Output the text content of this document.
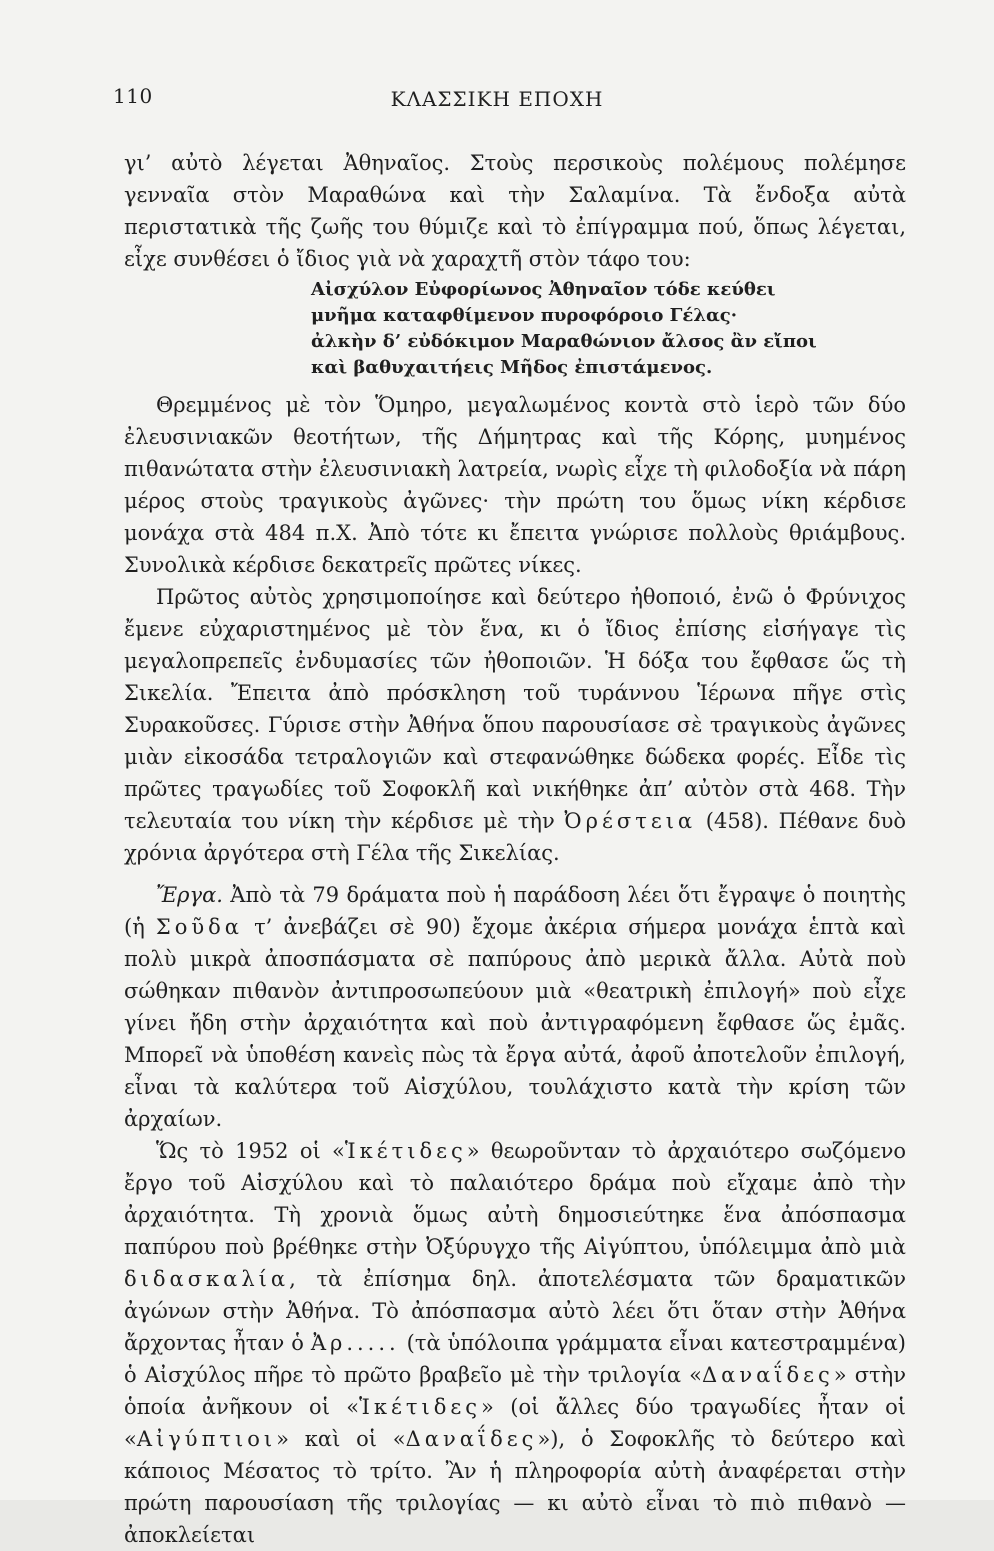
110	ΚΛΑΣΣΙΚΗ ΕΠΟΧΗ

γι’ αὐτὸ λέγεται Ἀθηναῖος. Στοὺς περσικοὺς πολέμους πολέμησε γενναῖα στὸν Μαραθώνα καὶ τὴν Σαλαμίνα. Τὰ ἔνδοξα αὐτὰ περιστατικὰ τῆς ζωῆς του θύμιζε καὶ τὸ ἐπίγραμμα πού, ὅπως λέγεται, εἶχε συνθέσει ὁ ἴδιος γιὰ νὰ χαραχτῆ στὸν τάφο του:

Αἰσχύλον Εὐφορίωνος Ἀθηναῖον τόδε κεύθει
μνῆμα καταφθίμενον πυροφόροιο Γέλας·
ἀλκὴν δ’ εὐδόκιμον Μαραθώνιον ἄλσος ἂν εἴποι
καὶ βαθυχαιτήεις Μῆδος ἐπιστάμενος.

Θρεμμένος μὲ τὸν Ὅμηρο, μεγαλωμένος κοντὰ στὸ ἱερὸ τῶν δύο ἐλευσινιακῶν θεοτήτων, τῆς Δήμητρας καὶ τῆς Κόρης, μυημένος πιθανώτατα στὴν ἐλευσινιακὴ λατρεία, νωρὶς εἶχε τὴ φιλοδοξία νὰ πάρη μέρος στοὺς τραγικοὺς ἀγῶνες· τὴν πρώτη του ὅμως νίκη κέρδισε μονάχα στὰ 484 π.Χ. Ἀπὸ τότε κι ἔπειτα γνώρισε πολλοὺς θριάμβους. Συνολικὰ κέρδισε δεκατρεῖς πρῶτες νίκες.

Πρῶτος αὐτὸς χρησιμοποίησε καὶ δεύτερο ἠθοποιό, ἐνῶ ὁ Φρύνιχος ἔμενε εὐχαριστημένος μὲ τὸν ἕνα, κι ὁ ἴδιος ἐπίσης εἰσήγαγε τὶς μεγαλοπρεπεῖς ἐνδυμασίες τῶν ἠθοποιῶν. Ἡ δόξα του ἔφθασε ὥς τὴ Σικελία. Ἔπειτα ἀπὸ πρόσκληση τοῦ τυράννου Ἱέρωνα πῆγε στὶς Συρακοῦσες. Γύρισε στὴν Ἀθήνα ὅπου παρουσίασε σὲ τραγικοὺς ἀγῶνες μιὰν εἰκοσάδα τετραλογιῶν καὶ στεφανώθηκε δώδεκα φορές. Εἶδε τὶς πρῶτες τραγωδίες τοῦ Σοφοκλῆ καὶ νικήθηκε ἀπ’ αὐτὸν στὰ 468. Τὴν τελευταία του νίκη τὴν κέρδισε μὲ τὴν Ὀρέστεια (458). Πέθανε δυὸ χρόνια ἀργότερα στὴ Γέλα τῆς Σικελίας.

Ἔργα. Ἀπὸ τὰ 79 δράματα ποὺ ἡ παράδοση λέει ὅτι ἔγραψε ὁ ποιητὴς (ἡ Σοῦδα τ’ ἀνεβάζει σὲ 90) ἔχομε ἀκέρια σήμερα μονάχα ἑπτὰ καὶ πολὺ μικρὰ ἀποσπάσματα σὲ παπύρους ἀπὸ μερικὰ ἄλλα. Αὐτὰ ποὺ σώθηκαν πιθανὸν ἀντιπροσωπεύουν μιὰ «θεατρικὴ ἐπιλογή» ποὺ εἶχε γίνει ἤδη στὴν ἀρχαιότητα καὶ ποὺ ἀντιγραφόμενη ἔφθασε ὥς ἐμᾶς. Μπορεῖ νὰ ὑποθέση κανεὶς πὼς τὰ ἔργα αὐτά, ἀφοῦ ἀποτελοῦν ἐπιλογή, εἶναι τὰ καλύτερα τοῦ Αἰσχύλου, τουλάχιστο κατὰ τὴν κρίση τῶν ἀρχαίων.

Ὥς τὸ 1952 οἱ «Ἱκέτιδες» θεωροῦνταν τὸ ἀρχαιότερο σωζόμενο ἔργο τοῦ Αἰσχύλου καὶ τὸ παλαιότερο δράμα ποὺ εἴχαμε ἀπὸ τὴν ἀρχαιότητα. Τὴ χρονιὰ ὅμως αὐτὴ δημοσιεύτηκε ἕνα ἀπόσπασμα παπύρου ποὺ βρέθηκε στὴν Ὀξύρυγχο τῆς Αἰγύπτου, ὑπόλειμμα ἀπὸ μιὰ διδασκαλία, τὰ ἐπίσημα δηλ. ἀποτελέσματα τῶν δραματικῶν ἀγώνων στὴν Ἀθήνα. Τὸ ἀπόσπασμα αὐτὸ λέει ὅτι ὅταν στὴν Ἀθήνα ἄρχοντας ἦταν ὁ Ἀρ..... (τὰ ὑπόλοιπα γράμματα εἶναι κατεστραμμένα) ὁ Αἰσχύλος πῆρε τὸ πρῶτο βραβεῖο μὲ τὴν τριλογία «Δαναΐδες» στὴν ὁποία ἀνῆκουν οἱ «Ἱκέτιδες» (οἱ ἄλλες δύο τραγωδίες ἦταν οἱ «Αἰγύπτιοι» καὶ οἱ «Δαναΐδες»), ὁ Σοφοκλῆς τὸ δεύτερο καὶ κάποιος Μέσατος τὸ τρίτο. Ἂν ἡ πληροφορία αὐτὴ ἀναφέρεται στὴν πρώτη παρουσίαση τῆς τριλογίας — κι αὐτὸ εἶναι τὸ πιὸ πιθανὸ — ἀποκλείεται
